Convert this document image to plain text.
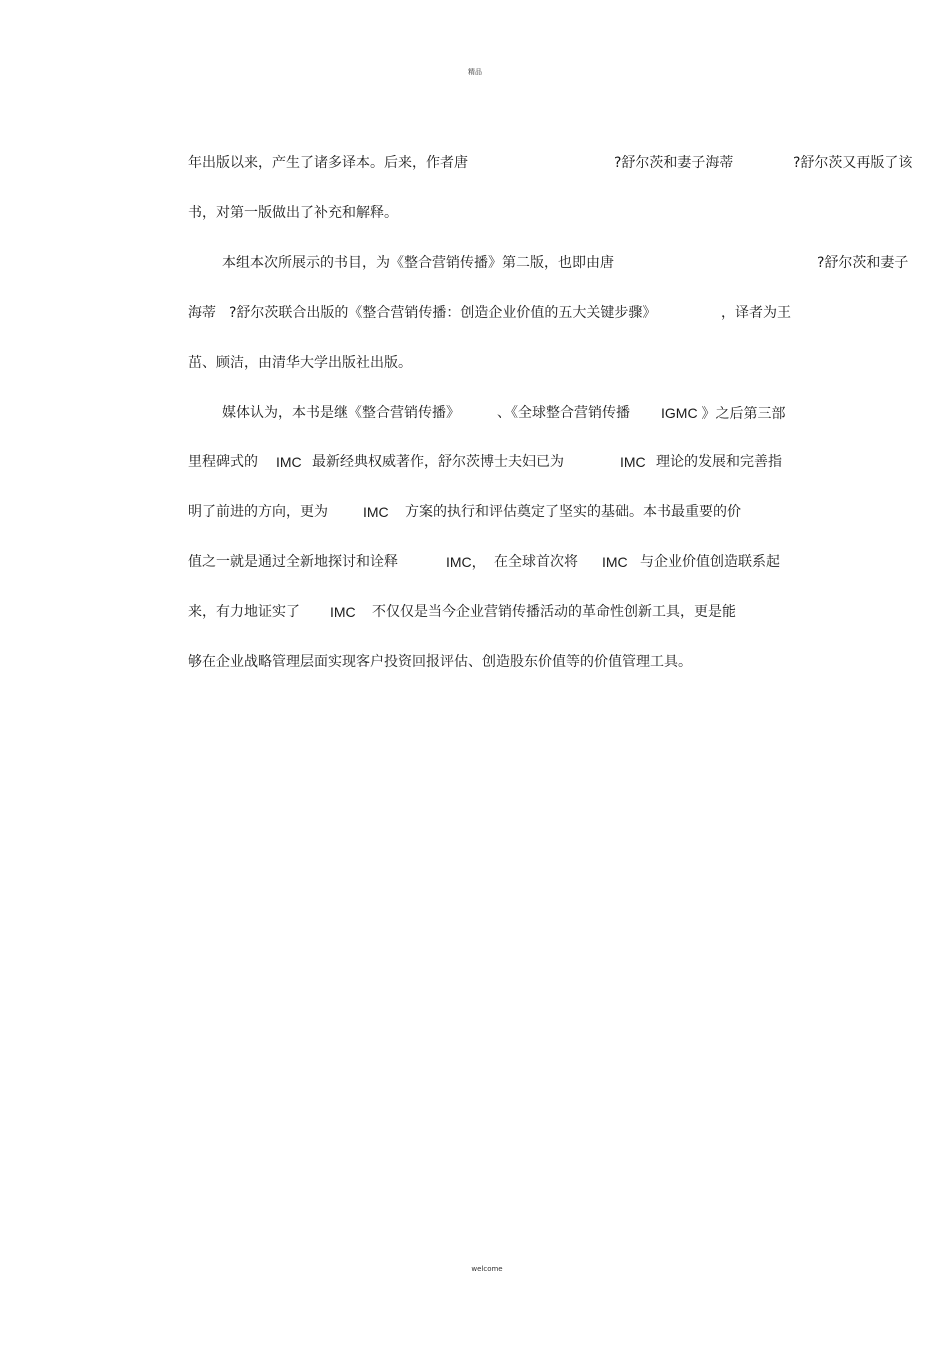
精品
年出版以来，产生了诸多译本。后来，作者唐	?舒尔茨和妻子海蒂	?舒尔茨又再版了该
书，对第一版做出了补充和解释。
本组本次所展示的书目，为《整合营销传播》第二版，也即由唐	?舒尔茨和妻子
海蒂 ?舒尔茨联合出版的《整合营销传播：创造企业价值的五大关键步骤》	，译者为王
茁、顾洁，由清华大学出版社出版。
媒体认为，本书是继《整合营销传播》	、《全球整合营销传播 IGMC 》之后第三部
里程碑式的 IMC 最新经典权威著作，舒尔茨博士夫妇已为	IMC 理论的发展和完善指
明了前进的方向，更为	IMC 方案的执行和评估奠定了坚实的基础。本书最重要的价
值之一就是通过全新地探讨和诠释	IMC， 在全球首次将 IMC 与企业价值创造联系起
来，有力地证实了 IMC 不仅仅是当今企业营销传播活动的革命性创新工具，更是能
够在企业战略管理层面实现客户投资回报评估、创造股东价值等的价值管理工具。
welcome
